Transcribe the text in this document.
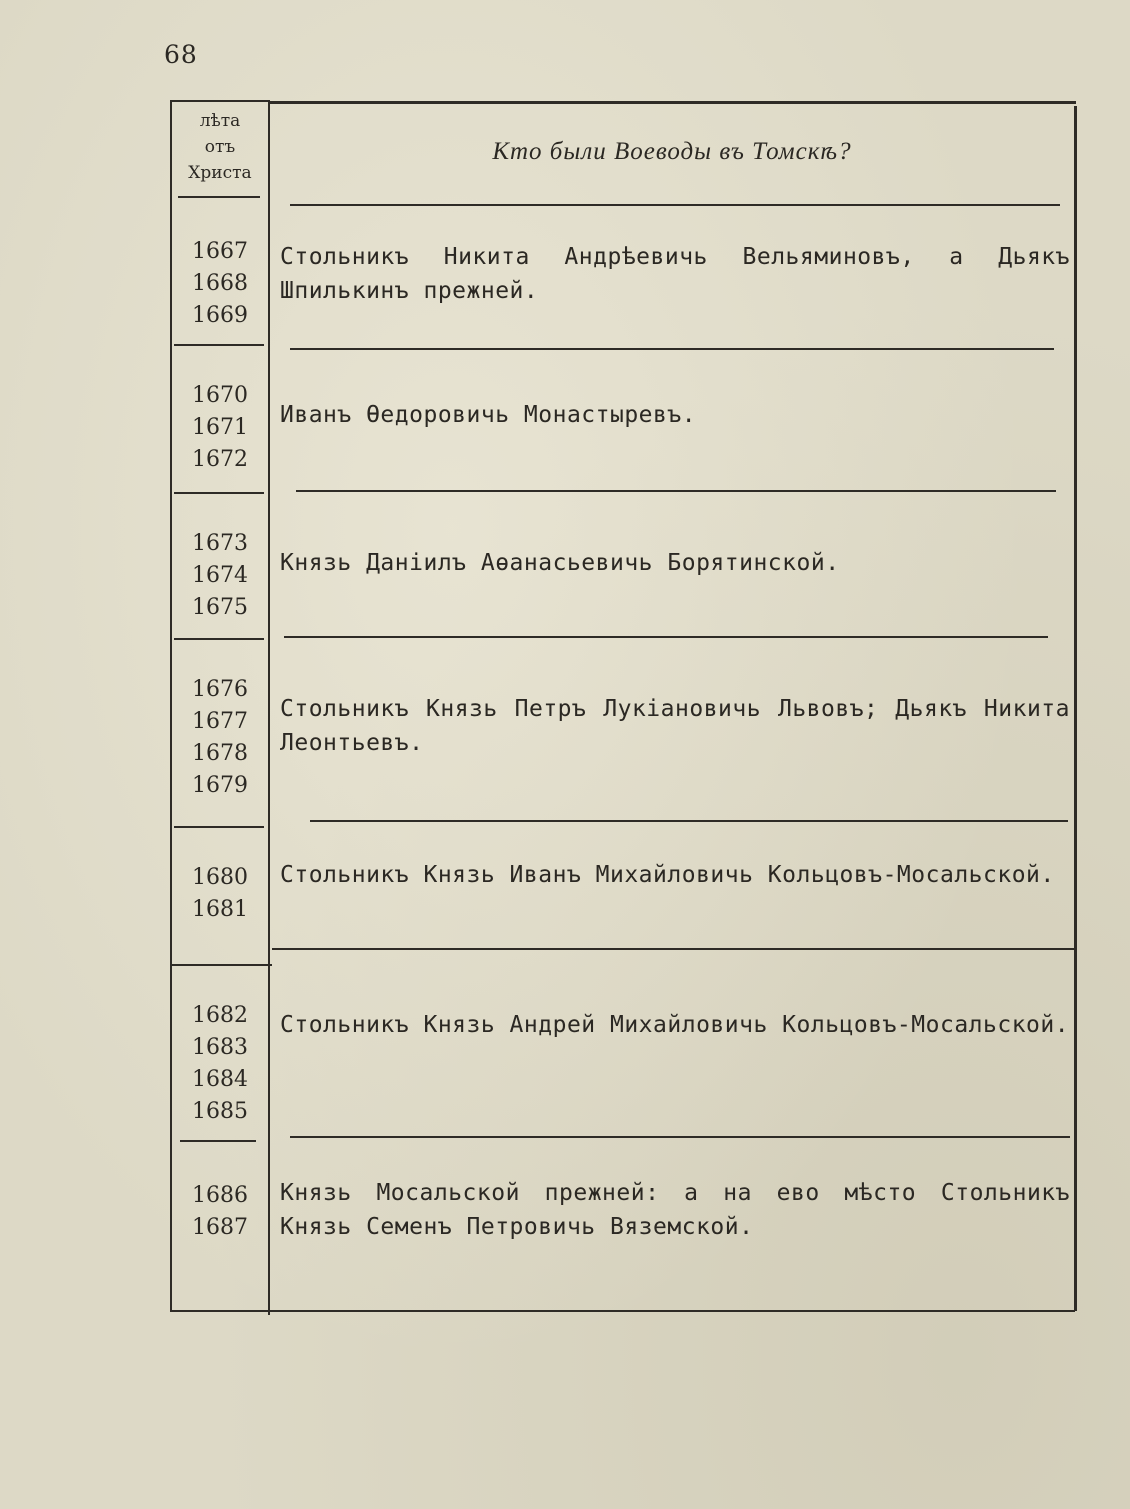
68
лѣта
отъ
Христа
Кто были Воеводы въ Томскѣ?
1667
1668
1669
Стольникъ Никита Андрѣевичь Вельяминовъ, а Дьякъ Шпилькинъ прежней.
1670
1671
1672
Иванъ Ѳедоровичь Монастыревъ.
1673
1674
1675
Князь Даніилъ Аѳанасьевичь Борятинской.
1676
1677
1678
1679
Стольникъ Князь Петръ Лукіановичь Львовъ; Дьякъ Никита Леонтьевъ.
1680
1681
Стольникъ Князь Иванъ Михайловичь Кольцовъ-Мосальской.
1682
1683
1684
1685
Стольникъ Князь Андрей Михайловичь Кольцовъ-Мосальской.
1686
1687
Князь Мосальской прежней: а на ево мѣсто Стольникъ Князь Семенъ Петровичь Вяземской.
